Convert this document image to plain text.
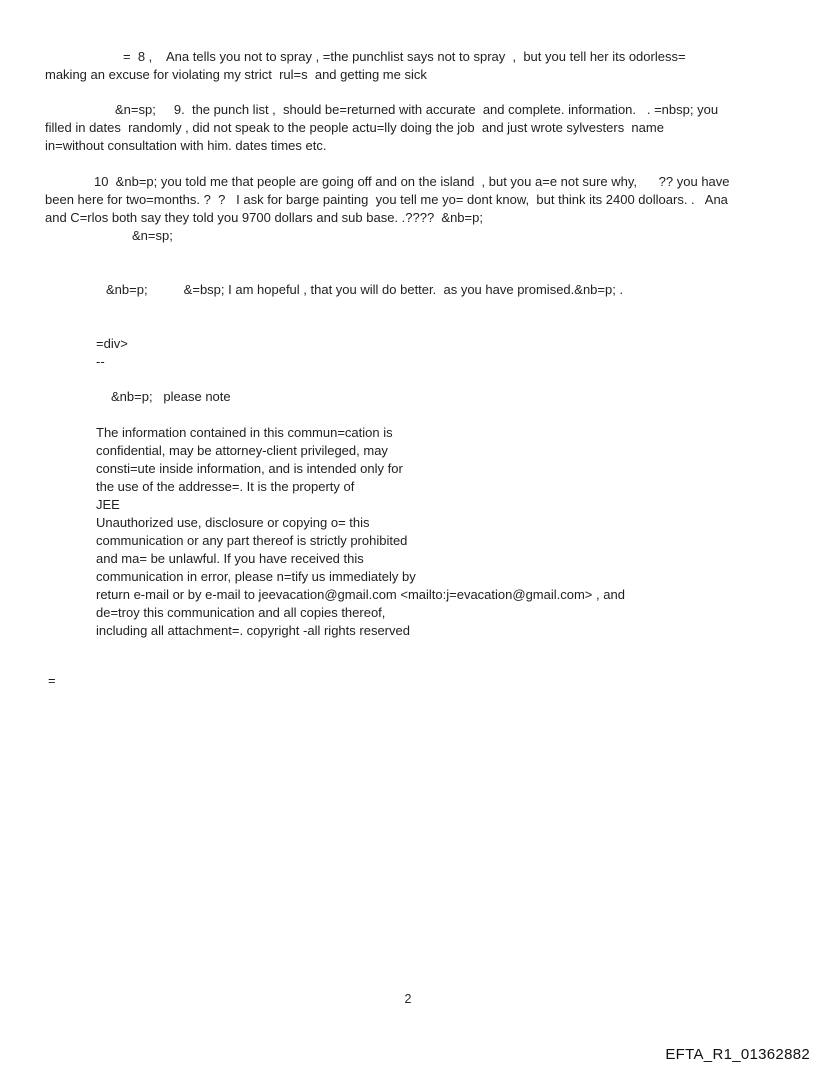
=  8 ,    Ana tells you not to spray , =the punchlist says not to spray  ,  but you tell her its odorless=
making an excuse for violating my strict  rul=s  and getting me sick
&n=sp;     9.  the punch list ,  should be=returned with accurate  and complete. information.   . =nbsp; you
filled in dates  randomly , did not speak to the people actu=lly doing the job  and just wrote sylvesters  name
in=without consultation with him. dates times etc.
10  &nb=p; you told me that people are going off and on the island  , but you a=e not sure why,      ?? you have
been here for two=months. ?  ?   I ask for barge painting  you tell me yo= dont know,  but think its 2400 dolloars. .   Ana
and C=rlos both say they told you 9700 dollars and sub base. .????  &nb=p;
&n=sp;
&nb=p;          &=bsp; I am hopeful , that you will do better.  as you have promised.&nb=p; .
=div>
--
&nb=p;   please note
The information contained in this commun=cation is
confidential, may be attorney-client privileged, may
consti=ute inside information, and is intended only for
the use of the addresse=. It is the property of
JEE
Unauthorized use, disclosure or copying o= this
communication or any part thereof is strictly prohibited
and ma= be unlawful. If you have received this
communication in error, please n=tify us immediately by
return e-mail or by e-mail to jeevacation@gmail.com <mailto:j=evacation@gmail.com> , and
de=troy this communication and all copies thereof,
including all attachment=. copyright -all rights reserved
=
2
EFTA_R1_01362882
